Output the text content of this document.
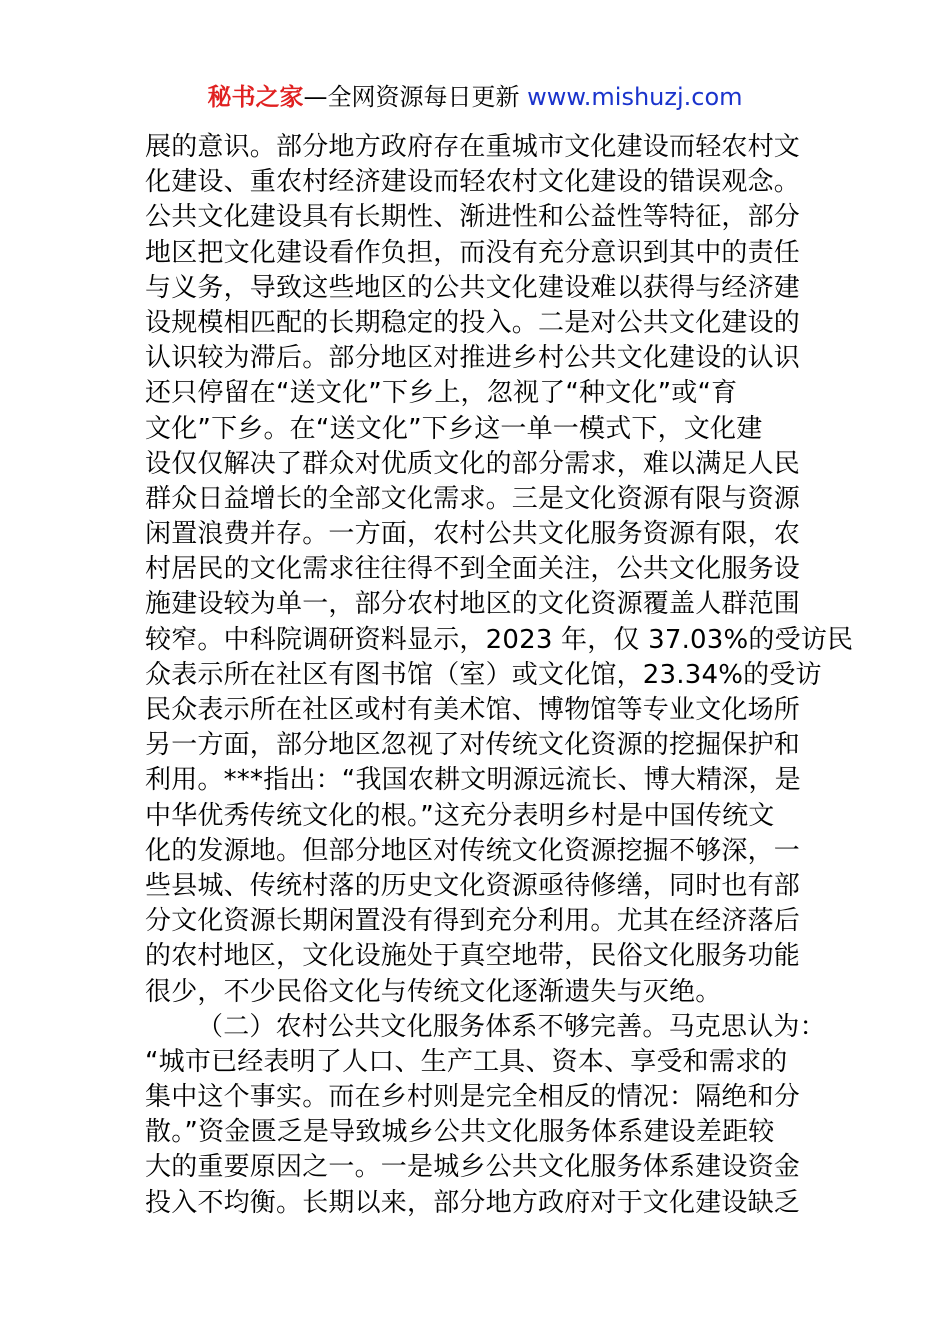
秘书之家—全网资源每日更新 www.mishuzj.com
展的意识。部分地方政府存在重城市文化建设而轻农村文
化建设、重农村经济建设而轻农村文化建设的错误观念。
公共文化建设具有长期性、渐进性和公益性等特征，部分
地区把文化建设看作负担，而没有充分意识到其中的责任
与义务，导致这些地区的公共文化建设难以获得与经济建
设规模相匹配的长期稳定的投入。二是对公共文化建设的
认识较为滞后。部分地区对推进乡村公共文化建设的认识
还只停留在“送文化”下乡上，忽视了“种文化”或“育
文化”下乡。在“送文化”下乡这一单一模式下，文化建
设仅仅解决了群众对优质文化的部分需求，难以满足人民
群众日益增长的全部文化需求。三是文化资源有限与资源
闲置浪费并存。一方面，农村公共文化服务资源有限，农
村居民的文化需求往往得不到全面关注，公共文化服务设
施建设较为单一，部分农村地区的文化资源覆盖人群范围
较窄。中科院调研资料显示，2023 年，仅 37.03%的受访民
众表示所在社区有图书馆（室）或文化馆，23.34%的受访
民众表示所在社区或村有美术馆、博物馆等专业文化场所
另一方面，部分地区忽视了对传统文化资源的挖掘保护和
利用。***指出：“我国农耕文明源远流长、博大精深，是
中华优秀传统文化的根。”这充分表明乡村是中国传统文
化的发源地。但部分地区对传统文化资源挖掘不够深，一
些县城、传统村落的历史文化资源亟待修缮，同时也有部
分文化资源长期闲置没有得到充分利用。尤其在经济落后
的农村地区，文化设施处于真空地带，民俗文化服务功能
很少，不少民俗文化与传统文化逐渐遗失与灭绝。
（二）农村公共文化服务体系不够完善。马克思认为：
“城市已经表明了人口、生产工具、资本、享受和需求的
集中这个事实。而在乡村则是完全相反的情况：隔绝和分
散。”资金匮乏是导致城乡公共文化服务体系建设差距较
大的重要原因之一。一是城乡公共文化服务体系建设资金
投入不均衡。长期以来，部分地方政府对于文化建设缺乏
